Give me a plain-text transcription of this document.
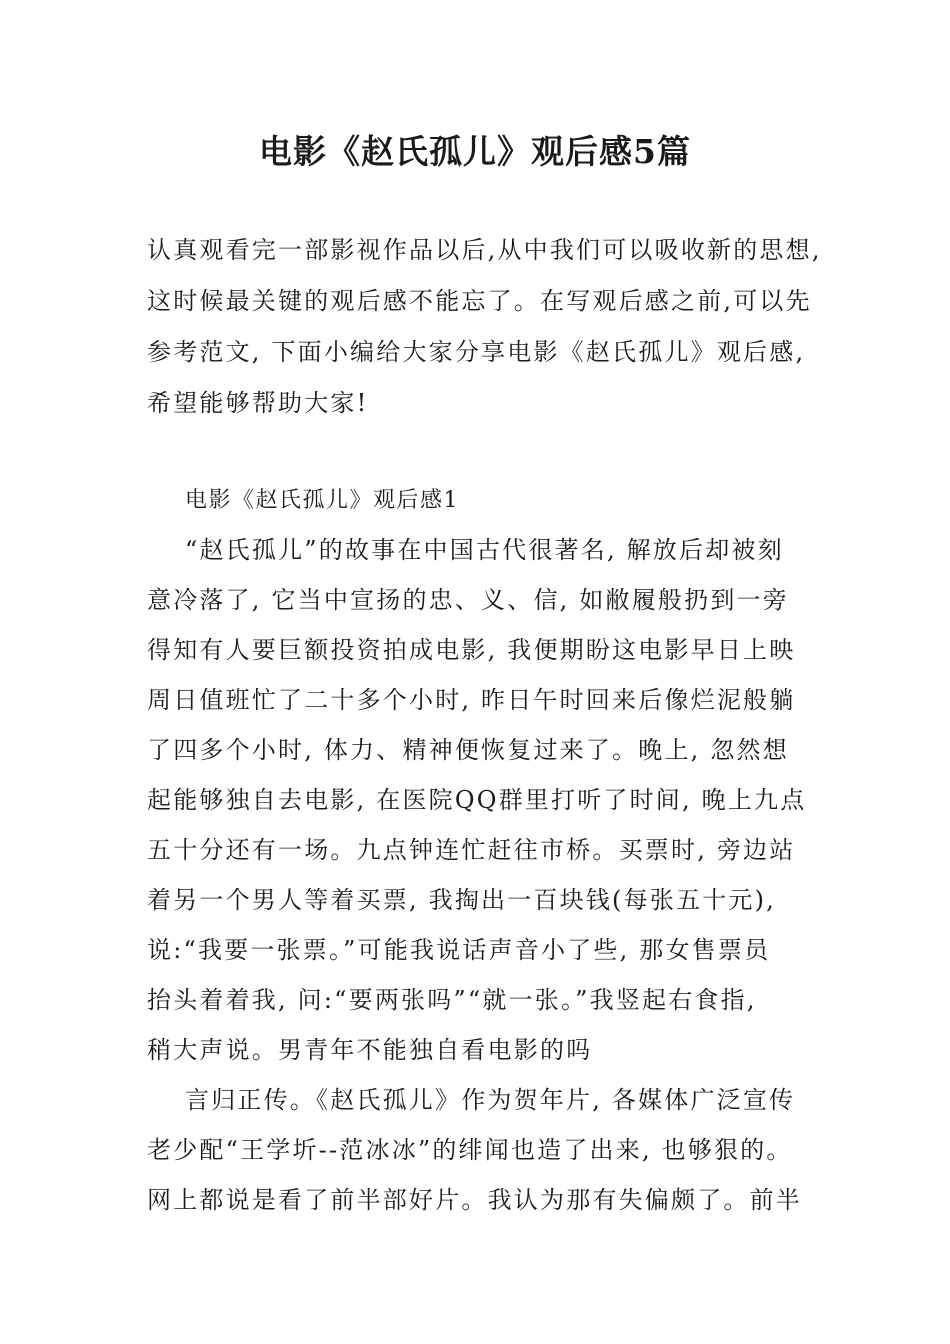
电影《赵氏孤儿》观后感5篇
认真观看完一部影视作品以后,从中我们可以吸收新的思想,
这时候最关键的观后感不能忘了。在写观后感之前,可以先
参考范文, 下面小编给大家分享电影《赵氏孤儿》观后感,
希望能够帮助大家!
电影《赵氏孤儿》观后感1
“赵氏孤儿”的故事在中国古代很著名, 解放后却被刻
意冷落了, 它当中宣扬的忠、义、信, 如敝履般扔到一旁
得知有人要巨额投资拍成电影, 我便期盼这电影早日上映
周日值班忙了二十多个小时, 昨日午时回来后像烂泥般躺
了四多个小时, 体力、精神便恢复过来了。晚上, 忽然想
起能够独自去电影, 在医院QQ群里打听了时间, 晚上九点
五十分还有一场。九点钟连忙赶往市桥。买票时, 旁边站
着另一个男人等着买票, 我掏出一百块钱(每张五十元),
说:“我要一张票。”可能我说话声音小了些, 那女售票员
抬头着着我, 问:“要两张吗”“就一张。”我竖起右食指,
稍大声说。男青年不能独自看电影的吗
言归正传。《赵氏孤儿》作为贺年片, 各媒体广泛宣传
老少配“王学圻--范冰冰”的绯闻也造了出来, 也够狠的。
网上都说是看了前半部好片。我认为那有失偏颇了。前半
